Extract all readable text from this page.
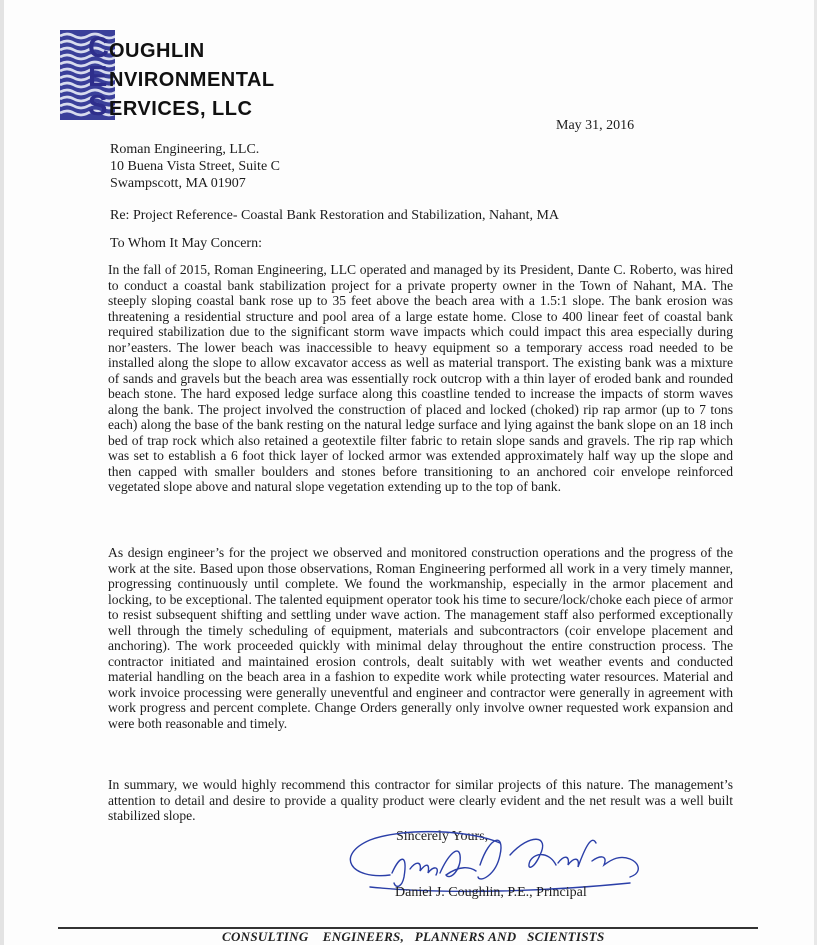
C OUGHLIN
E NVIRONMENTAL
S ERVICES, LLC
May 31, 2016
Roman Engineering, LLC.
10 Buena Vista Street, Suite C
Swampscott, MA 01907
Re: Project Reference- Coastal Bank Restoration and Stabilization, Nahant, MA
To Whom It May Concern:
In the fall of 2015, Roman Engineering, LLC operated and managed by its President, Dante C. Roberto, was hired to conduct a coastal bank stabilization project for a private property owner in the Town of Nahant, MA. The steeply sloping coastal bank rose up to 35 feet above the beach area with a 1.5:1 slope. The bank erosion was threatening a residential structure and pool area of a large estate home. Close to 400 linear feet of coastal bank required stabilization due to the significant storm wave impacts which could impact this area especially during nor’easters. The lower beach was inaccessible to heavy equipment so a temporary access road needed to be installed along the slope to allow excavator access as well as material transport. The existing bank was a mixture of sands and gravels but the beach area was essentially rock outcrop with a thin layer of eroded bank and rounded beach stone. The hard exposed ledge surface along this coastline tended to increase the impacts of storm waves along the bank. The project involved the construction of placed and locked (choked) rip rap armor (up to 7 tons each) along the base of the bank resting on the natural ledge surface and lying against the bank slope on an 18 inch bed of trap rock which also retained a geotextile filter fabric to retain slope sands and gravels. The rip rap which was set to establish a 6 foot thick layer of locked armor was extended approximately half way up the slope and then capped with smaller boulders and stones before transitioning to an anchored coir envelope reinforced vegetated slope above and natural slope vegetation extending up to the top of bank.
As design engineer’s for the project we observed and monitored construction operations and the progress of the work at the site. Based upon those observations, Roman Engineering performed all work in a very timely manner, progressing continuously until complete. We found the workmanship, especially in the armor placement and locking, to be exceptional. The talented equipment operator took his time to secure/lock/choke each piece of armor to resist subsequent shifting and settling under wave action. The management staff also performed exceptionally well through the timely scheduling of equipment, materials and subcontractors (coir envelope placement and anchoring). The work proceeded quickly with minimal delay throughout the entire construction process. The contractor initiated and maintained erosion controls, dealt suitably with wet weather events and conducted material handling on the beach area in a fashion to expedite work while protecting water resources. Material and work invoice processing were generally uneventful and engineer and contractor were generally in agreement with work progress and percent complete. Change Orders generally only involve owner requested work expansion and were both reasonable and timely.
In summary, we would highly recommend this contractor for similar projects of this nature. The management’s attention to detail and desire to provide a quality product were clearly evident and the net result was a well built stabilized slope.
Sincerely Yours,
Daniel J. Coughlin, P.E., Principal
CONSULTING    ENGINEERS,   PLANNERS AND   SCIENTISTS
